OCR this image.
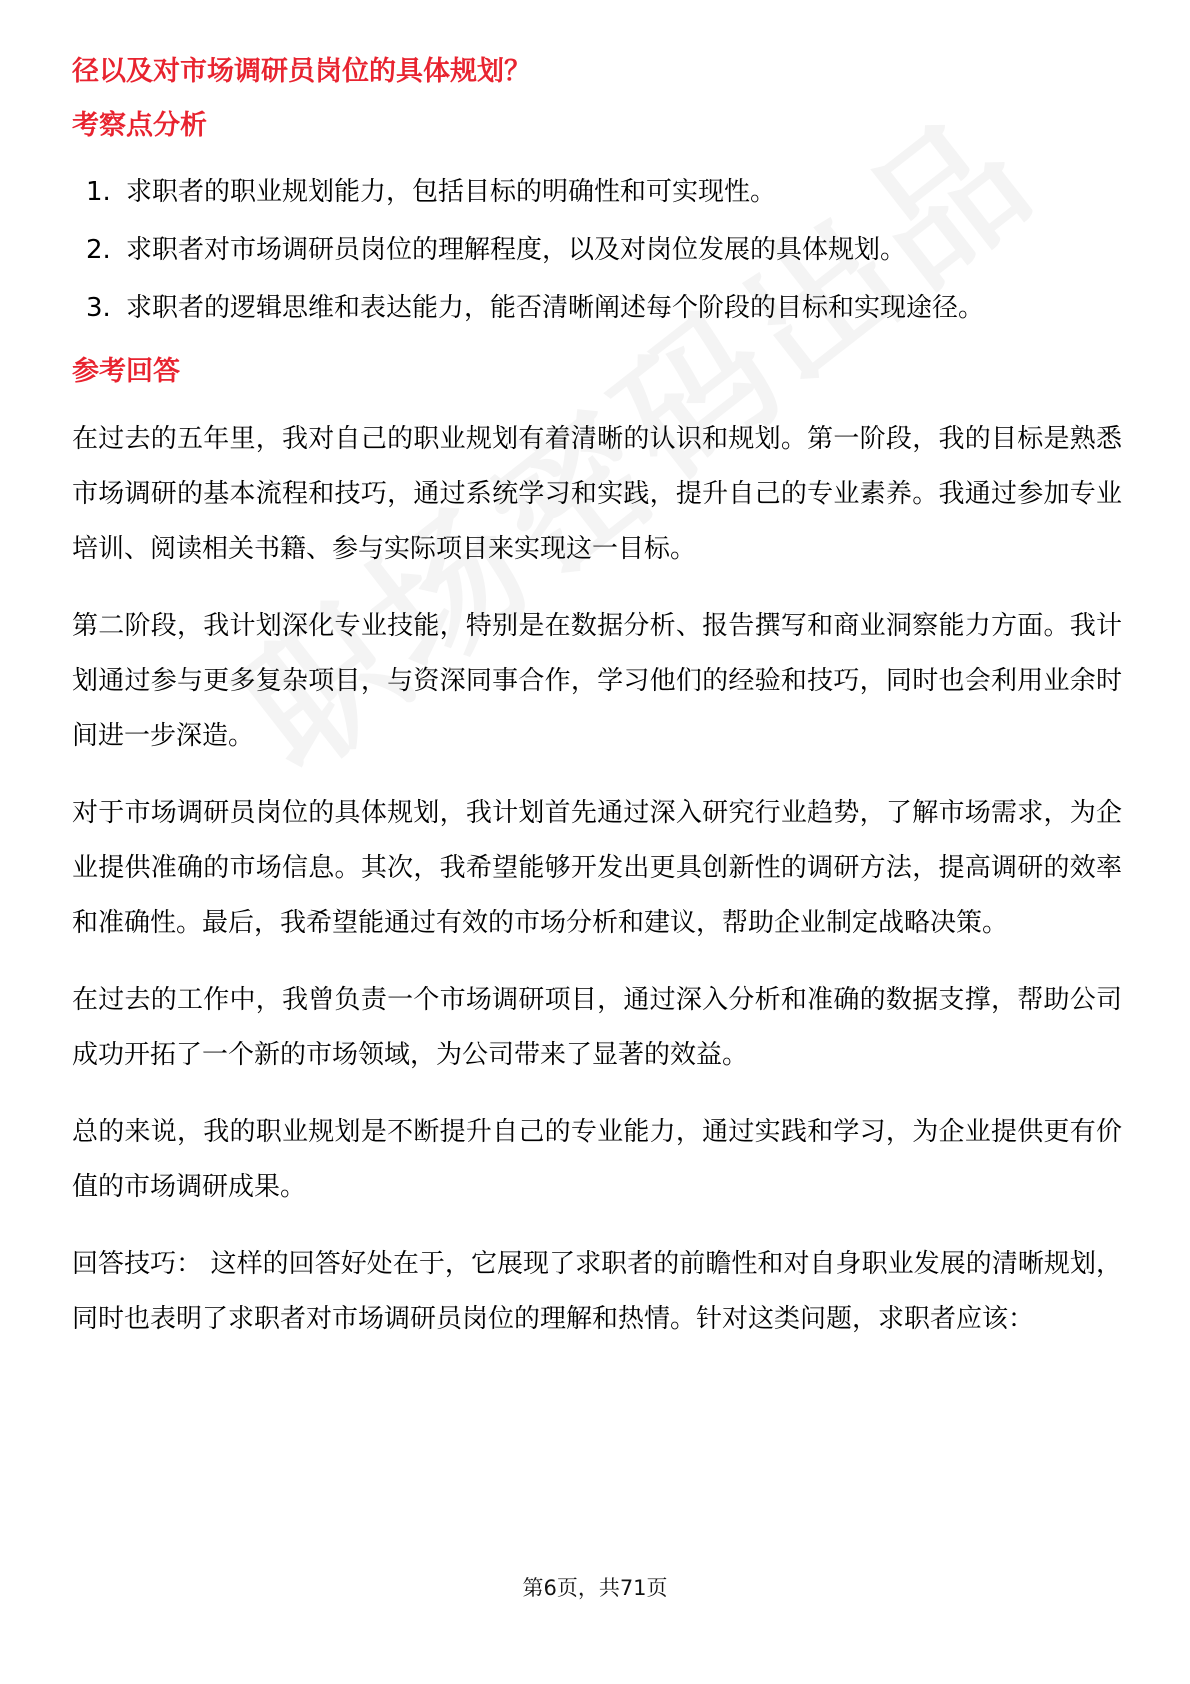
径以及对市场调研员岗位的具体规划？

考察点分析

1. 求职者的职业规划能力，包括目标的明确性和可实现性。
2. 求职者对市场调研员岗位的理解程度，以及对岗位发展的具体规划。
3. 求职者的逻辑思维和表达能力，能否清晰阐述每个阶段的目标和实现途径。

参考回答

在过去的五年里，我对自己的职业规划有着清晰的认识和规划。第一阶段，我的目标是熟悉市场调研的基本流程和技巧，通过系统学习和实践，提升自己的专业素养。我通过参加专业培训、阅读相关书籍、参与实际项目来实现这一目标。

第二阶段，我计划深化专业技能，特别是在数据分析、报告撰写和商业洞察能力方面。我计划通过参与更多复杂项目，与资深同事合作，学习他们的经验和技巧，同时也会利用业余时间进一步深造。

对于市场调研员岗位的具体规划，我计划首先通过深入研究行业趋势，了解市场需求，为企业提供准确的市场信息。其次，我希望能够开发出更具创新性的调研方法，提高调研的效率和准确性。最后，我希望能通过有效的市场分析和建议，帮助企业制定战略决策。

在过去的工作中，我曾负责一个市场调研项目，通过深入分析和准确的数据支撑，帮助公司成功开拓了一个新的市场领域，为公司带来了显著的效益。

总的来说，我的职业规划是不断提升自己的专业能力，通过实践和学习，为企业提供更有价值的市场调研成果。

回答技巧： 这样的回答好处在于，它展现了求职者的前瞻性和对自身职业发展的清晰规划，同时也表明了求职者对市场调研员岗位的理解和热情。针对这类问题，求职者应该：

第6页，共71页
